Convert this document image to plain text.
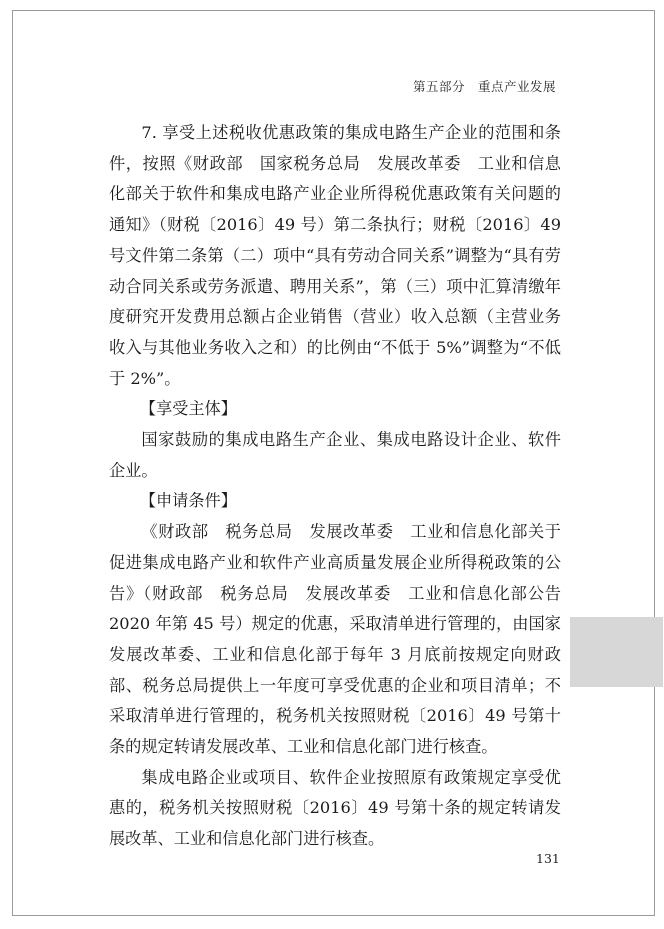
第五部分　重点产业发展

7. 享受上述税收优惠政策的集成电路生产企业的范围和条件，按照《财政部　国家税务总局　发展改革委　工业和信息化部关于软件和集成电路产业企业所得税优惠政策有关问题的通知》（财税〔2016〕49 号）第二条执行；财税〔2016〕49 号文件第二条第（二）项中“具有劳动合同关系”调整为“具有劳动合同关系或劳务派遣、聘用关系”，第（三）项中汇算清缴年度研究开发费用总额占企业销售（营业）收入总额（主营业务收入与其他业务收入之和）的比例由“不低于 5%”调整为“不低于 2%”。

【享受主体】

国家鼓励的集成电路生产企业、集成电路设计企业、软件企业。

【申请条件】

《财政部　税务总局　发展改革委　工业和信息化部关于促进集成电路产业和软件产业高质量发展企业所得税政策的公告》（财政部　税务总局　发展改革委　工业和信息化部公告 2020 年第 45 号）规定的优惠，采取清单进行管理的，由国家发展改革委、工业和信息化部于每年 3 月底前按规定向财政部、税务总局提供上一年度可享受优惠的企业和项目清单；不采取清单进行管理的，税务机关按照财税〔2016〕49 号第十条的规定转请发展改革、工业和信息化部门进行核查。

集成电路企业或项目、软件企业按照原有政策规定享受优惠的，税务机关按照财税〔2016〕49 号第十条的规定转请发展改革、工业和信息化部门进行核查。

131
